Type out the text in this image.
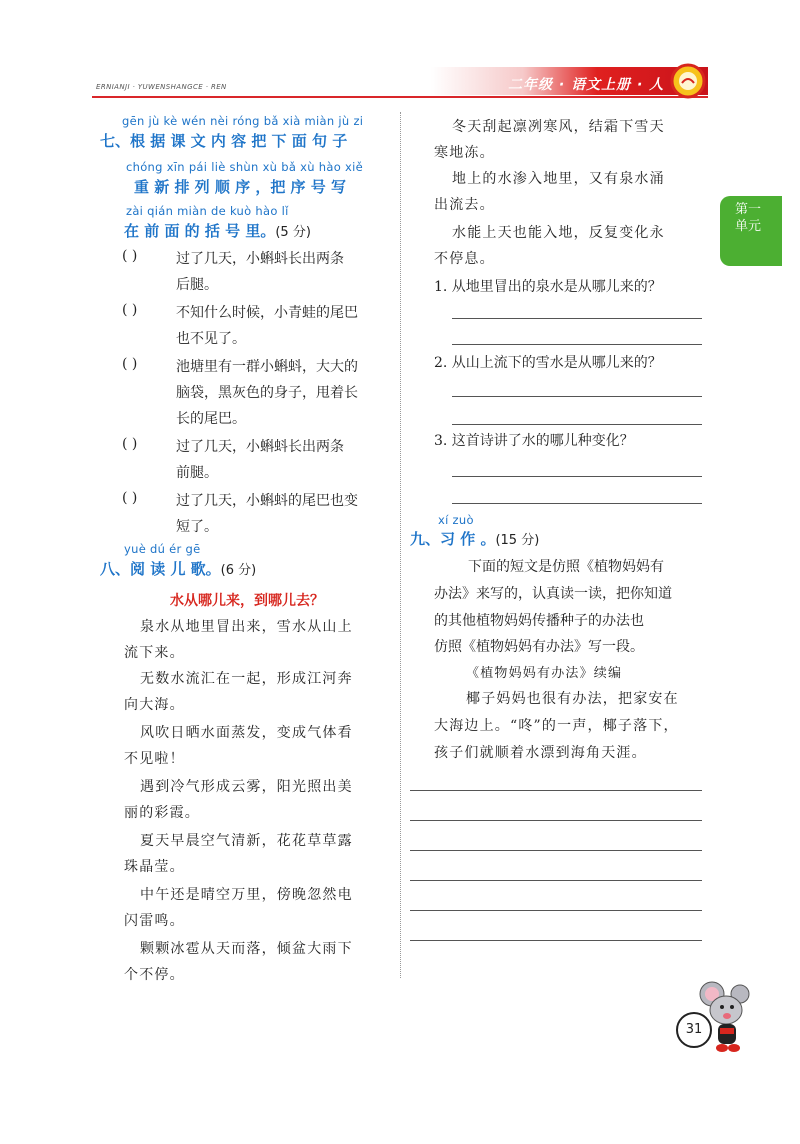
ERNIANJI · YUWENSHANGCE · REN	二年级 · 语文上册 · 人
第一单元
gēn jù kè wén nèi róng bǎ xià miàn jù zi
七、根 据 课 文 内 容 把 下 面 句 子
chóng xīn pái liè shùn xù bǎ xù hào xiě
重 新 排 列 顺 序 ，把 序 号 写
zài qián miàn de kuò hào lǐ
在 前 面 的 括 号 里。(5 分)
( )	过了几天，小蝌蚪长出两条
后腿。
( )	不知什么时候，小青蛙的尾巴
也不见了。
( )	池塘里有一群小蝌蚪，大大的
脑袋，黑灰色的身子，甩着长
长的尾巴。
( )	过了几天，小蝌蚪长出两条
前腿。
( )	过了几天，小蝌蚪的尾巴也变
短了。
yuè dú ér gē
八、阅 读 儿 歌。(6 分)
水从哪儿来，到哪儿去？
泉水从地里冒出来，雪水从山上
流下来。
无数水流汇在一起，形成江河奔
向大海。
风吹日晒水面蒸发，变成气体看
不见啦！
遇到冷气形成云雾，阳光照出美
丽的彩霞。
夏天早晨空气清新，花花草草露
珠晶莹。
中午还是晴空万里，傍晚忽然电
闪雷鸣。
颗颗冰雹从天而落，倾盆大雨下
个不停。
冬天刮起凛冽寒风，结霜下雪天
寒地冻。
地上的水渗入地里，又有泉水涌
出流去。
水能上天也能入地，反复变化永
不停息。
1. 从地里冒出的泉水是从哪儿来的？
2. 从山上流下的雪水是从哪儿来的？
3. 这首诗讲了水的哪儿种变化？
xí zuò
九、习 作 。(15 分)
下面的短文是仿照《植物妈妈有
办法》来写的，认真读一读，把你知道
的其他植物妈妈传播种子的办法也
仿照《植物妈妈有办法》写一段。
《植物妈妈有办法》续编
椰子妈妈也很有办法，把家安在
大海边上。“咚”的一声，椰子落下，
孩子们就顺着水漂到海角天涯。
31
